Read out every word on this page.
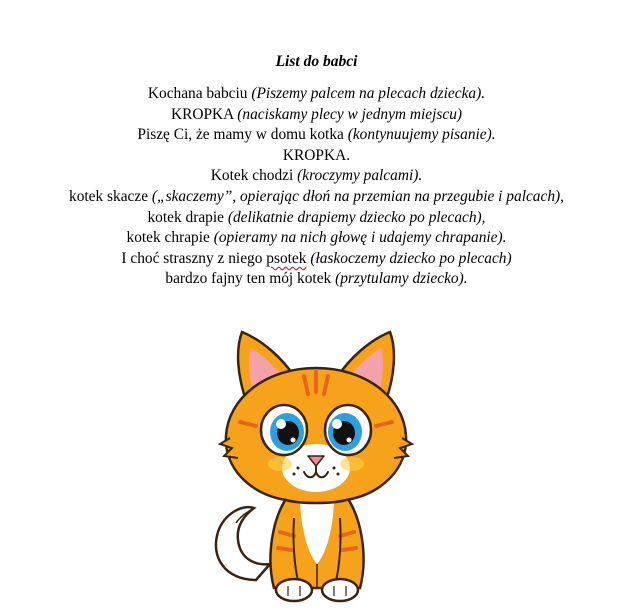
List do babci
Kochana babciu (Piszemy palcem na plecach dziecka).
KROPKA (naciskamy plecy w jednym miejscu)
Piszę Ci, że mamy w domu kotka (kontynuujemy pisanie).
KROPKA.
Kotek chodzi (kroczymy palcami).
kotek skacze („skaczemy”, opierając dłoń na przemian na przegubie i palcach),
kotek drapie (delikatnie drapiemy dziecko po plecach),
kotek chrapie (opieramy na nich głowę i udajemy chrapanie).
I choć straszny z niego psotek (łaskoczemy dziecko po plecach)
bardzo fajny ten mój kotek (przytulamy dziecko).
